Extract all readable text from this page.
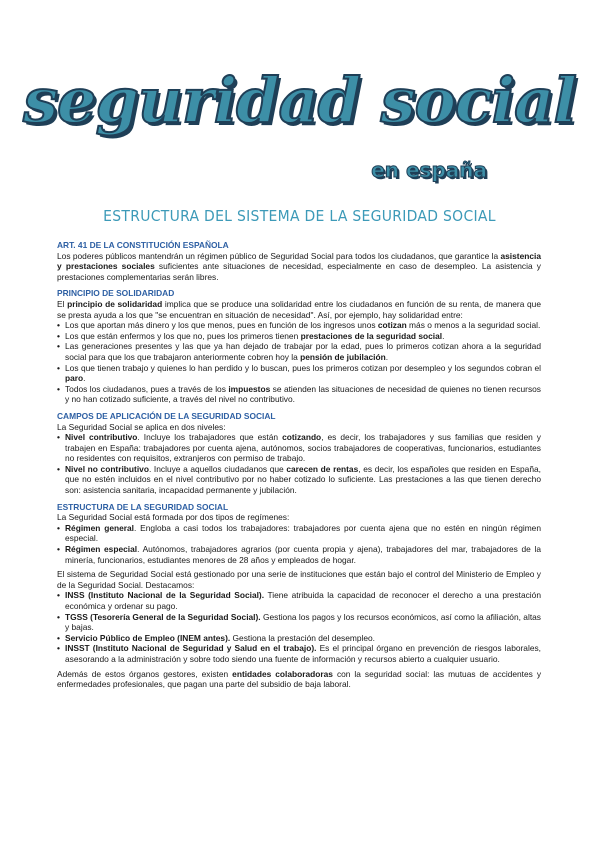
seguridad social
en españa
ESTRUCTURA DEL SISTEMA DE LA SEGURIDAD SOCIAL
ART. 41 DE LA CONSTITUCIÓN ESPAÑOLA

Los poderes públicos mantendrán un régimen público de Seguridad Social para todos los ciudadanos, que garantice la asistencia y prestaciones sociales suficientes ante situaciones de necesidad, especialmente en caso de desempleo. La asistencia y prestaciones complementarias serán libres.

PRINCIPIO DE SOLIDARIDAD

El principio de solidaridad implica que se produce una solidaridad entre los ciudadanos en función de su renta, de manera que se presta ayuda a los que "se encuentran en situación de necesidad". Así, por ejemplo, hay solidaridad entre:

• Los que aportan más dinero y los que menos, pues en función de los ingresos unos cotizan más o menos a la seguridad social.
• Los que están enfermos y los que no, pues los primeros tienen prestaciones de la seguridad social.
• Las generaciones presentes y las que ya han dejado de trabajar por la edad, pues lo primeros cotizan ahora a la seguridad social para que los que trabajaron anteriormente cobren hoy la pensión de jubilación.
• Los que tienen trabajo y quienes lo han perdido y lo buscan, pues los primeros cotizan por desempleo y los segundos cobran el paro.
• Todos los ciudadanos, pues a través de los impuestos se atienden las situaciones de necesidad de quienes no tienen recursos y no han cotizado suficiente, a través del nivel no contributivo.
CAMPOS DE APLICACIÓN DE LA SEGURIDAD SOCIAL

La Seguridad Social se aplica en dos niveles:

• Nivel contributivo. Incluye los trabajadores que están cotizando, es decir, los trabajadores y sus familias que residen y trabajen en España: trabajadores por cuenta ajena, autónomos, socios trabajadores de cooperativas, funcionarios, estudiantes no residentes con requisitos, extranjeros con permiso de trabajo.
• Nivel no contributivo. Incluye a aquellos ciudadanos que carecen de rentas, es decir, los españoles que residen en España, que no estén incluidos en el nivel contributivo por no haber cotizado lo suficiente. Las prestaciones a las que tienen derecho son: asistencia sanitaria, incapacidad permanente y jubilación.
ESTRUCTURA DE LA SEGURIDAD SOCIAL

La Seguridad Social está formada por dos tipos de regímenes:

• Régimen general. Engloba a casi todos los trabajadores: trabajadores por cuenta ajena que no estén en ningún régimen especial.
• Régimen especial. Autónomos, trabajadores agrarios (por cuenta propia y ajena), trabajadores del mar, trabajadores de la minería, funcionarios, estudiantes menores de 28 años y empleados de hogar.

El sistema de Seguridad Social está gestionado por una serie de instituciones que están bajo el control del Ministerio de Empleo y de la Seguridad Social. Destacamos:

• INSS (Instituto Nacional de la Seguridad Social). Tiene atribuida la capacidad de reconocer el derecho a una prestación económica y ordenar su pago.
• TGSS (Tesorería General de la Seguridad Social). Gestiona los pagos y los recursos económicos, así como la afiliación, altas y bajas.
• Servicio Público de Empleo (INEM antes). Gestiona la prestación del desempleo.
• INSST (Instituto Nacional de Seguridad y Salud en el trabajo). Es el principal órgano en prevención de riesgos laborales, asesorando a la administración y sobre todo siendo una fuente de información y recursos abierto a cualquier usuario.

Además de estos órganos gestores, existen entidades colaboradoras con la seguridad social: las mutuas de accidentes y enfermedades profesionales, que pagan una parte del subsidio de baja laboral.
